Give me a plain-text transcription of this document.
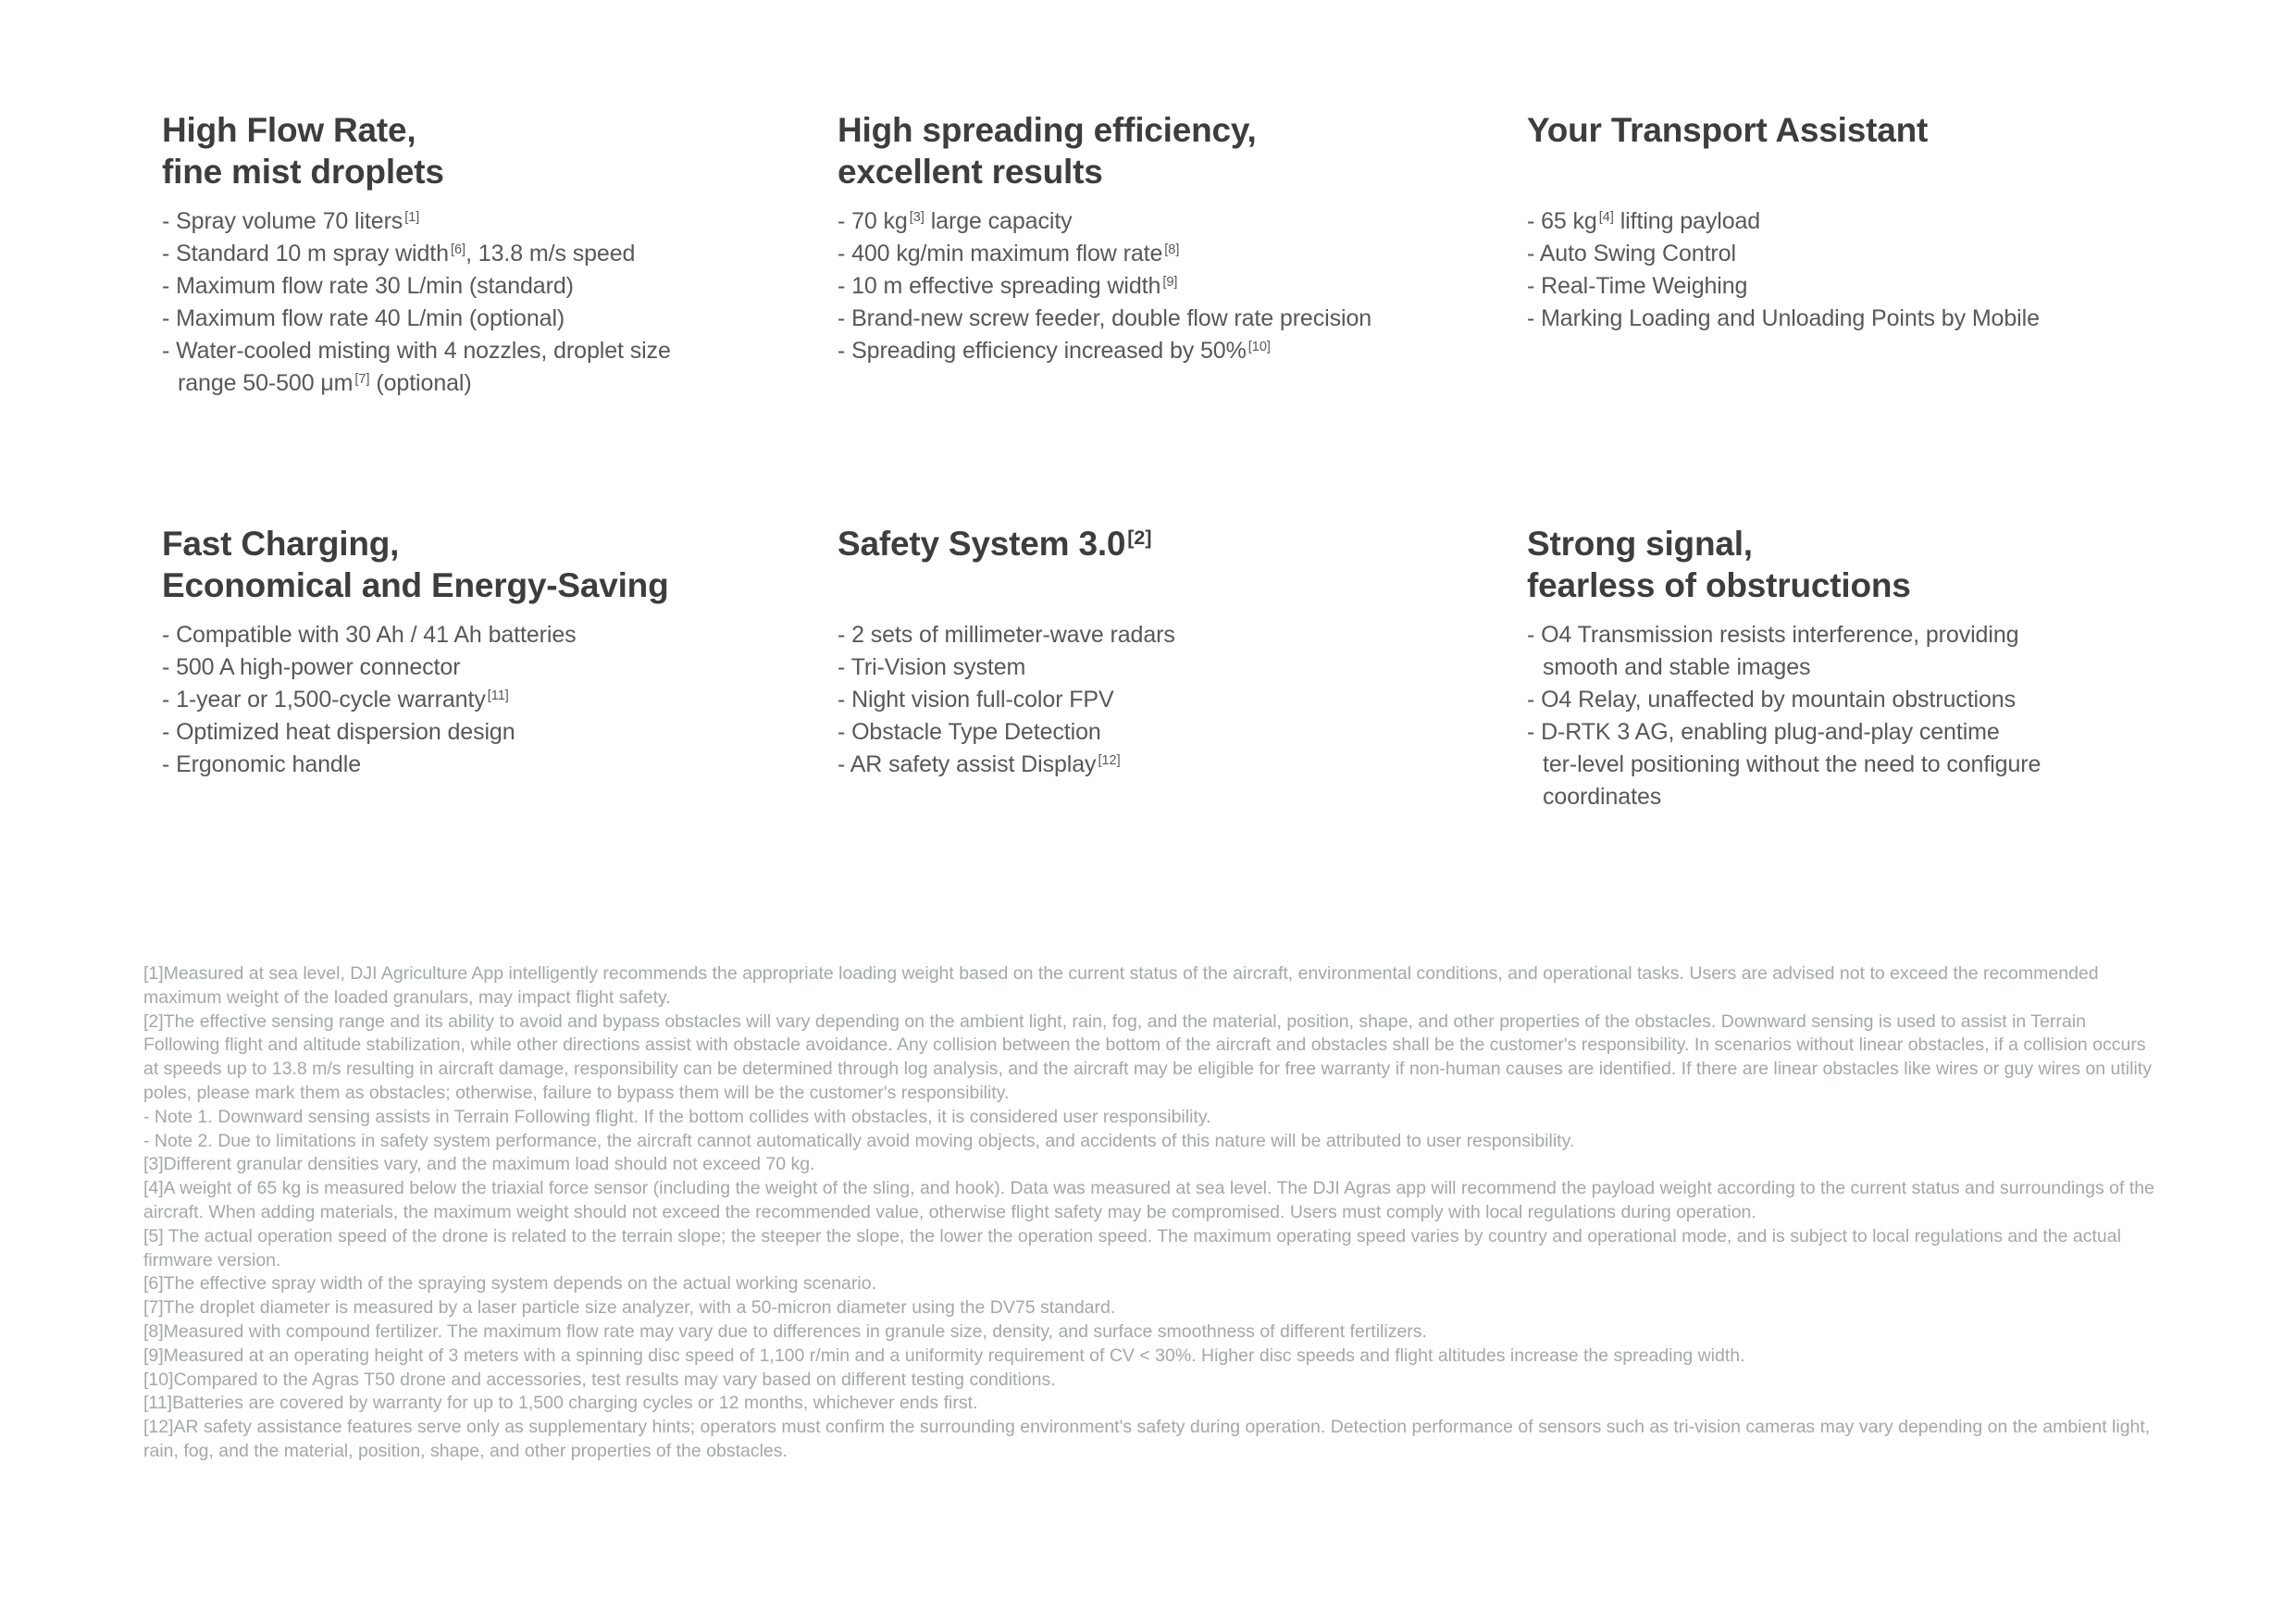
High Flow Rate,
fine mist droplets
- Spray volume 70 liters [1]
- Standard 10 m spray width [6], 13.8 m/s speed
- Maximum flow rate 30 L/min (standard)
- Maximum flow rate 40 L/min (optional)
- Water-cooled misting with 4 nozzles, droplet size
range 50-500 μm [7] (optional)
High spreading efficiency,
excellent results
- 70 kg [3] large capacity
- 400 kg/min maximum flow rate [8]
- 10 m effective spreading width [9]
- Brand-new screw feeder, double flow rate precision
- Spreading efficiency increased by 50% [10]
Your Transport Assistant
- 65 kg [4] lifting payload
- Auto Swing Control
- Real-Time Weighing
- Marking Loading and Unloading Points by Mobile
Fast Charging,
Economical and Energy-Saving
- Compatible with 30 Ah / 41 Ah batteries
- 500 A high-power connector
- 1-year or 1,500-cycle warranty [11]
- Optimized heat dispersion design
- Ergonomic handle
Safety System 3.0[2]
- 2 sets of millimeter-wave radars
- Tri-Vision system
- Night vision full-color FPV
- Obstacle Type Detection
- AR safety assist Display [12]
Strong signal,
fearless of obstructions
- O4 Transmission resists interference, providing
smooth and stable images
- O4 Relay, unaffected by mountain obstructions
- D-RTK 3 AG, enabling plug-and-play centime
ter-level positioning without the need to configure
coordinates
[1]Measured at sea level, DJI Agriculture App intelligently recommends the appropriate loading weight based on the current status of the aircraft, environmental conditions, and operational tasks. Users are advised not to exceed the recommended maximum weight of the loaded granulars, may impact flight safety.
[2]The effective sensing range and its ability to avoid and bypass obstacles will vary depending on the ambient light, rain, fog, and the material, position, shape, and other properties of the obstacles. Downward sensing is used to assist in Terrain Following flight and altitude stabilization, while other directions assist with obstacle avoidance. Any collision between the bottom of the aircraft and obstacles shall be the customer's responsibility. In scenarios without linear obstacles, if a collision occurs at speeds up to 13.8 m/s resulting in aircraft damage, responsibility can be determined through log analysis, and the aircraft may be eligible for free warranty if non-human causes are identified. If there are linear obstacles like wires or guy wires on utility poles, please mark them as obstacles; otherwise, failure to bypass them will be the customer's responsibility.
- Note 1. Downward sensing assists in Terrain Following flight. If the bottom collides with obstacles, it is considered user responsibility.
- Note 2. Due to limitations in safety system performance, the aircraft cannot automatically avoid moving objects, and accidents of this nature will be attributed to user responsibility.
[3]Different granular densities vary, and the maximum load should not exceed 70 kg.
[4]A weight of 65 kg is measured below the triaxial force sensor (including the weight of the sling, and hook). Data was measured at sea level. The DJI Agras app will recommend the payload weight according to the current status and surroundings of the aircraft. When adding materials, the maximum weight should not exceed the recommended value, otherwise flight safety may be compromised. Users must comply with local regulations during operation.
[5] The actual operation speed of the drone is related to the terrain slope; the steeper the slope, the lower the operation speed. The maximum operating speed varies by country and operational mode, and is subject to local regulations and the actual firmware version.
[6]The effective spray width of the spraying system depends on the actual working scenario.
[7]The droplet diameter is measured by a laser particle size analyzer, with a 50-micron diameter using the DV75 standard.
[8]Measured with compound fertilizer. The maximum flow rate may vary due to differences in granule size, density, and surface smoothness of different fertilizers.
[9]Measured at an operating height of 3 meters with a spinning disc speed of 1,100 r/min and a uniformity requirement of CV < 30%. Higher disc speeds and flight altitudes increase the spreading width.
[10]Compared to the Agras T50 drone and accessories, test results may vary based on different testing conditions.
[11]Batteries are covered by warranty for up to 1,500 charging cycles or 12 months, whichever ends first.
[12]AR safety assistance features serve only as supplementary hints; operators must confirm the surrounding environment's safety during operation. Detection performance of sensors such as tri-vision cameras may vary depending on the ambient light, rain, fog, and the material, position, shape, and other properties of the obstacles.
